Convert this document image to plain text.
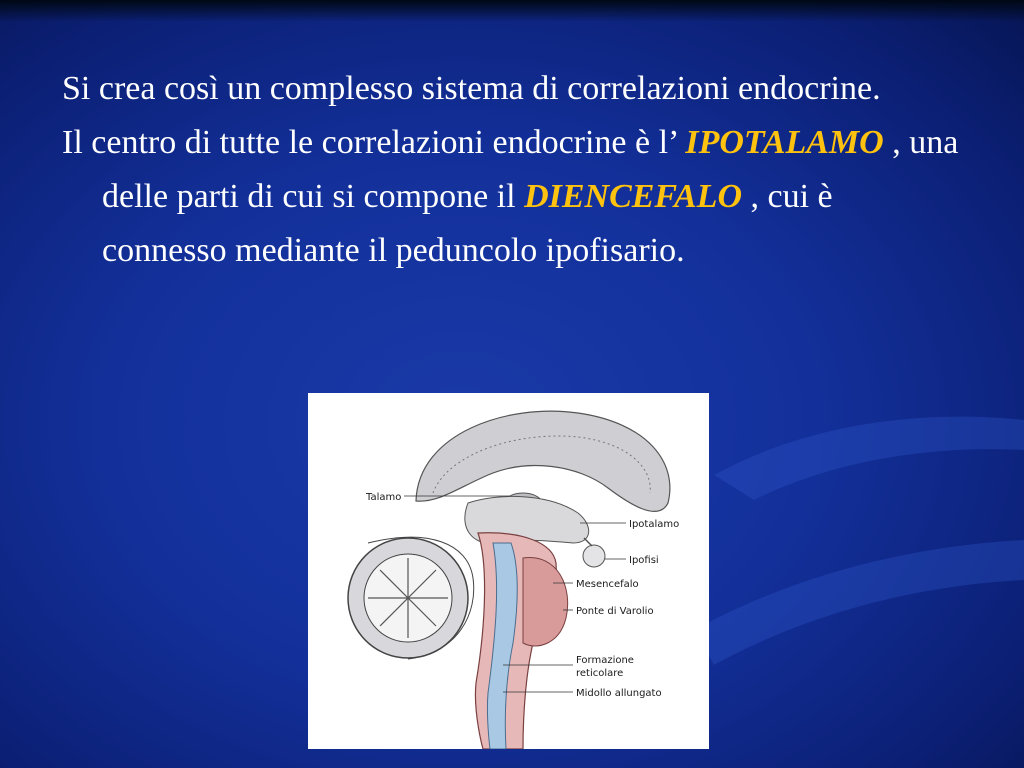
Si crea così un complesso sistema di correlazioni endocrine.

Il centro di tutte le correlazioni endocrine è l’ IPOTALAMO , una delle parti di cui si compone il DIENCEFALO , cui è connesso mediante il peduncolo ipofisario.

Talamo
Ipotalamo
Ipofisi
Mesencefalo
Ponte di Varolio
Formazione
reticolare
Midollo allungato
